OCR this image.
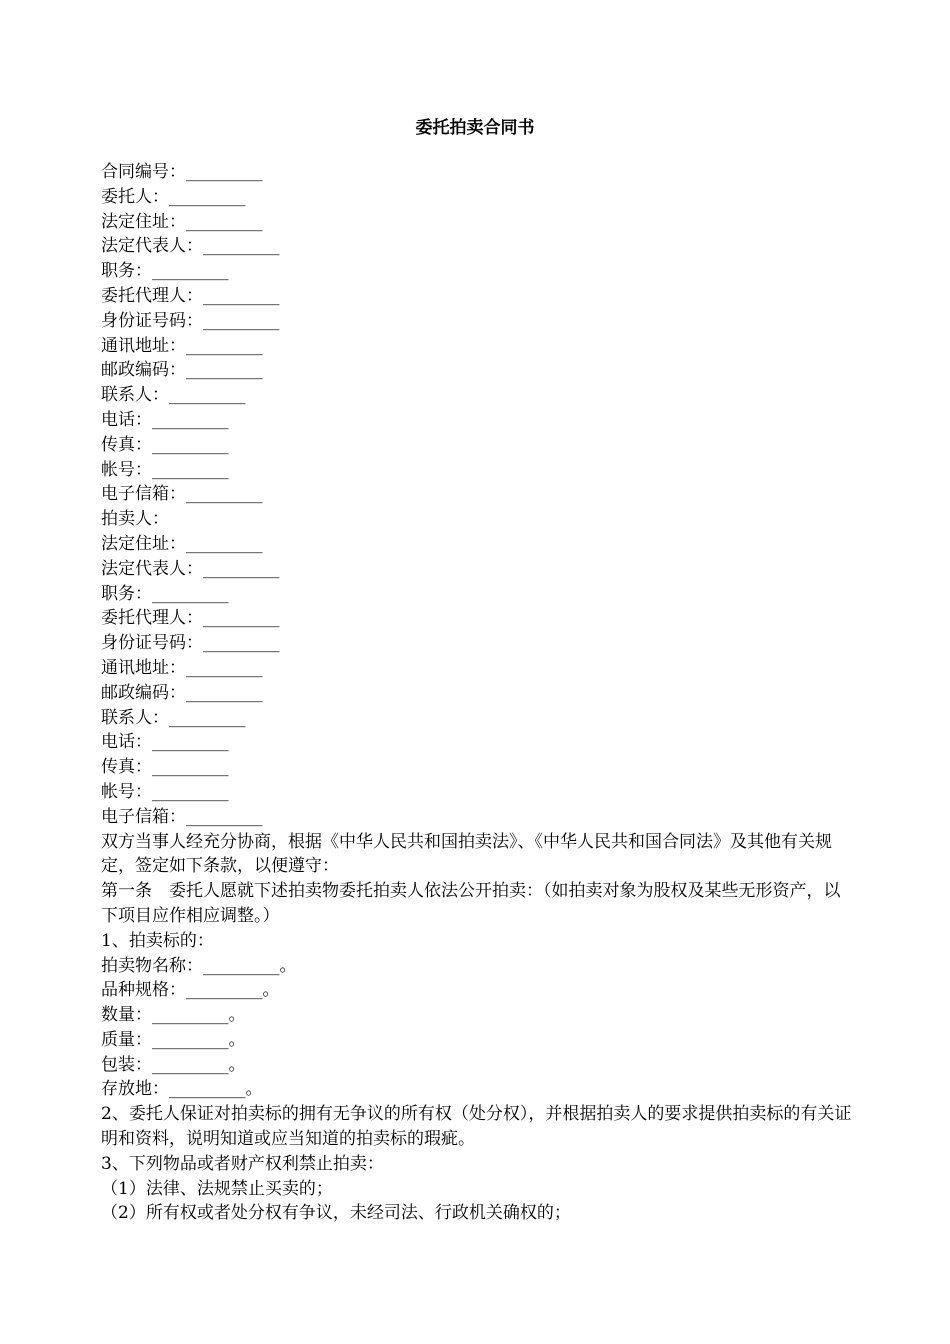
委托拍卖合同书
合同编号：_________
委托人：_________
法定住址：_________
法定代表人：_________
职务：_________
委托代理人：_________
身份证号码：_________
通讯地址：_________
邮政编码：_________
联系人：_________
电话：_________
传真：_________
帐号：_________
电子信箱：_________
拍卖人：
法定住址：_________
法定代表人：_________
职务：_________
委托代理人：_________
身份证号码：_________
通讯地址：_________
邮政编码：_________
联系人：_________
电话：_________
传真：_________
帐号：_________
电子信箱：_________
双方当事人经充分协商，根据《中华人民共和国拍卖法》、《中华人民共和国合同法》及其他有关规定，签定如下条款，以便遵守：
第一条　委托人愿就下述拍卖物委托拍卖人依法公开拍卖：（如拍卖对象为股权及某些无形资产，以下项目应作相应调整。）
1、拍卖标的：
拍卖物名称：_________。
品种规格：_________。
数量：_________。
质量：_________。
包装：_________。
存放地：_________。
2、委托人保证对拍卖标的拥有无争议的所有权（处分权），并根据拍卖人的要求提供拍卖标的有关证明和资料，说明知道或应当知道的拍卖标的瑕疵。
3、下列物品或者财产权利禁止拍卖：
（1）法律、法规禁止买卖的；
（2）所有权或者处分权有争议，未经司法、行政机关确权的；
